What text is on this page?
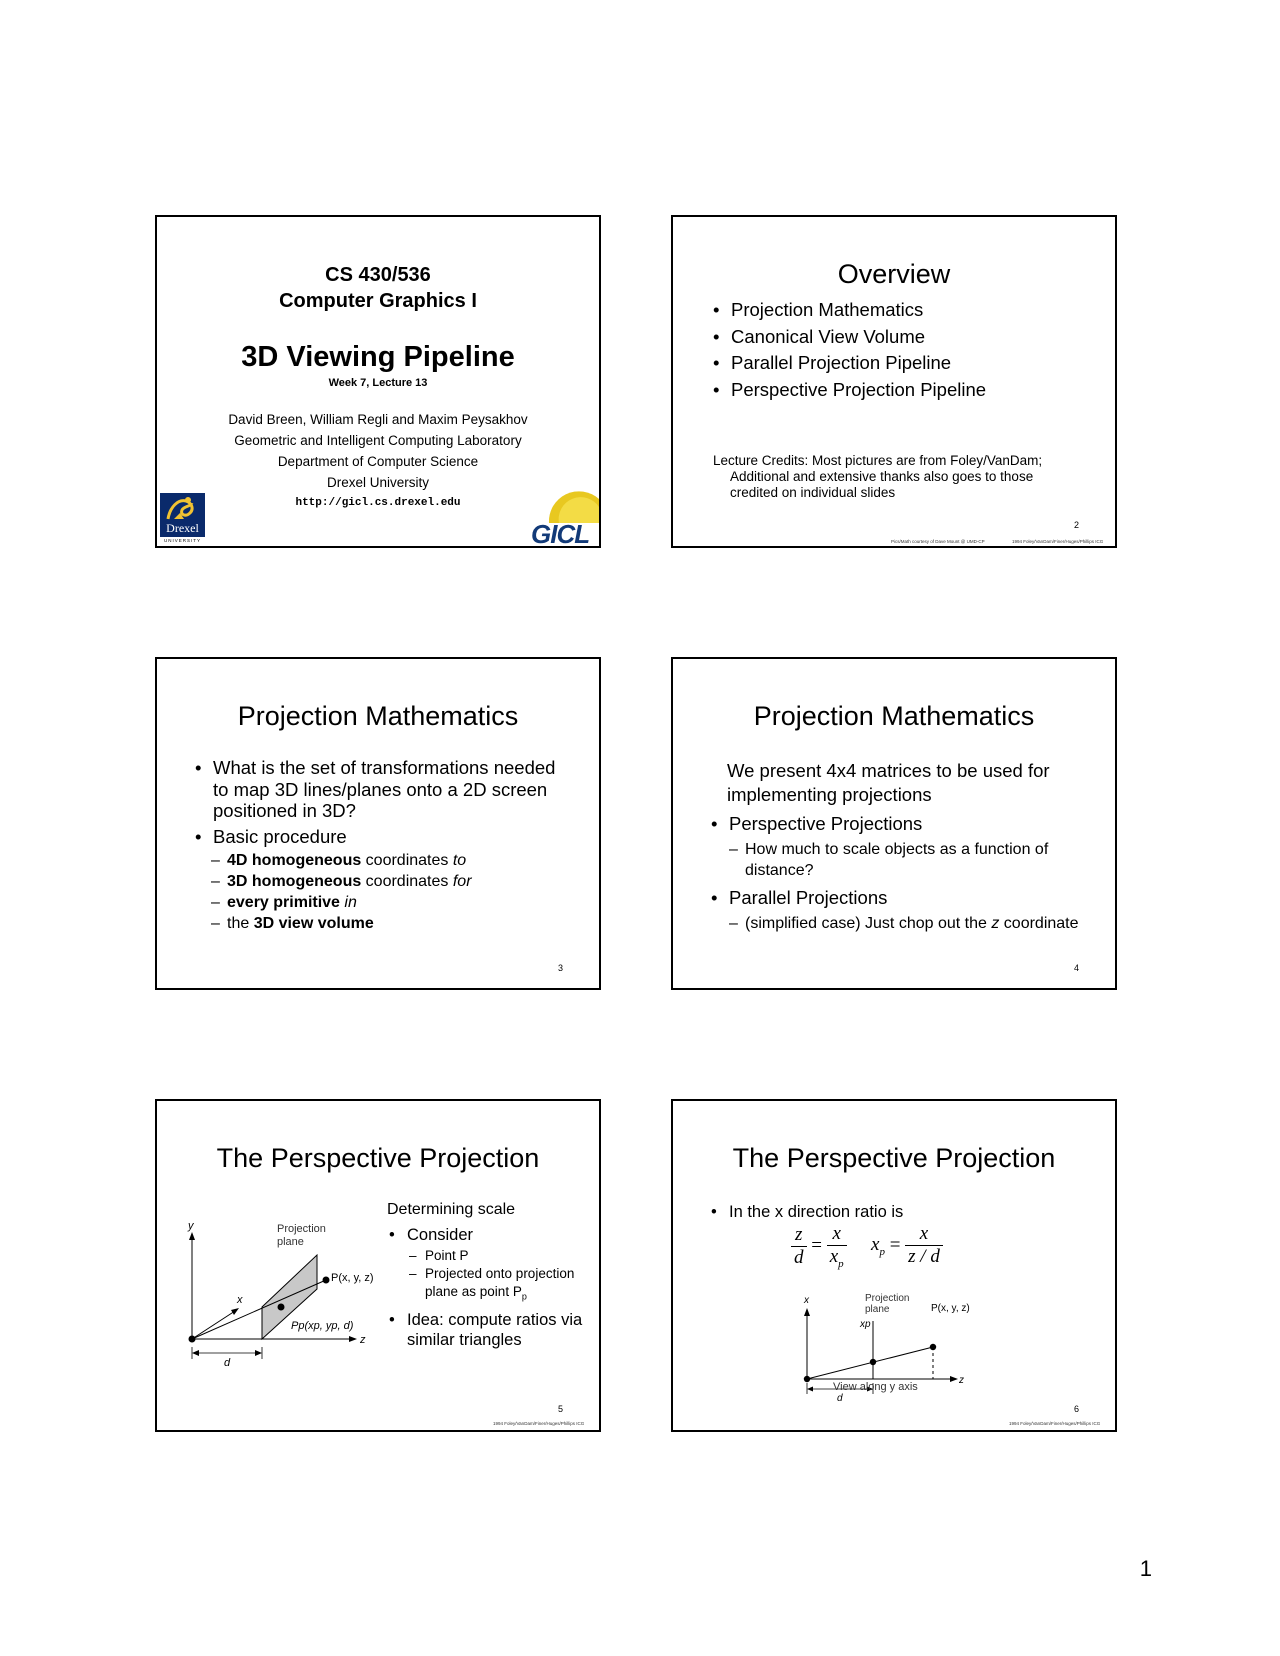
CS 430/536
Computer Graphics I
3D Viewing Pipeline
Week 7, Lecture 13
David Breen, William Regli and Maxim Peysakhov
Geometric and Intelligent Computing Laboratory
Department of Computer Science
Drexel University
http://gicl.cs.drexel.edu
Drexel
UNIVERSITY	GICL
Overview
• Projection Mathematics
• Canonical View Volume
• Parallel Projection Pipeline
• Perspective Projection Pipeline
Lecture Credits: Most pictures are from Foley/VanDam;
Additional and extensive thanks also goes to those
credited on individual slides
2
Pics/Math courtesy of Dave Mount @ UMD-CP	1994 Foley/VanDam/Finer/Huges/Phillips ICG
Projection Mathematics
• What is the set of transformations needed to map 3D lines/planes onto a 2D screen positioned in 3D?
• Basic procedure
– 4D homogeneous coordinates to
– 3D homogeneous coordinates for
– every primitive in
– the 3D view volume
3
Projection Mathematics
We present 4x4 matrices to be used for implementing projections
• Perspective Projections
– How much to scale objects as a function of distance?
• Parallel Projections
– (simplified case) Just chop out the z coordinate
4
The Perspective Projection
y
x
z
d
Projection
plane
P(x, y, z)
Pp(xp, yp, d)
Determining scale
• Consider
– Point P
– Projected onto projection plane as point $P_p$
• Idea: compute ratios via similar triangles
5
1994 Foley/VanDam/Finer/Huges/Phillips ICG
The Perspective Projection
• In the x direction ratio is
$\frac{z}{d} = \frac{x}{x_p} x_p = \frac{x}{z / d}$
x	Projection
plane
xp
P(x, y, z)
z
d
View along y axis
6
1994 Foley/VanDam/Finer/Huges/Phillips ICG
1
